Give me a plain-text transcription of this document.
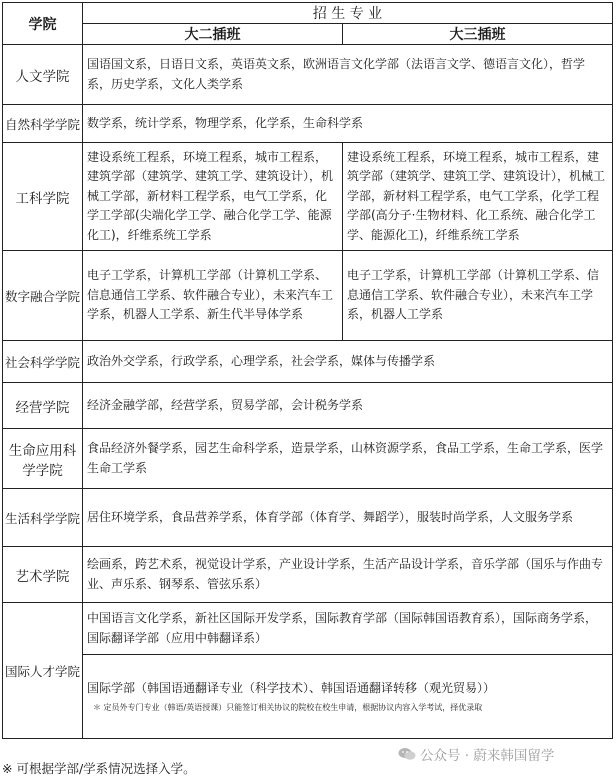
学院	招 生 专 业	
	大二插班	大三插班
人文学院	国语国文系，日语日文系，英语英文系，欧洲语言文化学部（法语言文学、德语言文化），哲学系，历史学系，文化人类学系	
自然科学学院	数学系，统计学系，物理学系，化学系，生命科学系	
工科学院	建设系统工程系，环境工程系，城市工程系，建筑学部（建筑学、建筑工学、建筑设计），机械工学部，新材料工程学系，电气工学系，化学工学部(尖端化学工学、融合化学工学、能源化工)，纤维系统工学系	建设系统工程系，环境工程系，城市工程系，建筑学部（建筑学、建筑工学、建筑设计），机械工学部，新材料工程学系，电气工学系，化学工程学部(高分子·生物材料、化工系统、融合化学工学、能源化工)，纤维系统工学系
数字融合学院	电子工学系，计算机工学部（计算机工学系、信息通信工学系、软件融合专业），未来汽车工学系，机器人工学系、新生代半导体学系	电子工学系，计算机工学部（计算机工学系、信息通信工学系、软件融合专业），未来汽车工学系，机器人工学系
社会科学学院	政治外交学系，行政学系，心理学系，社会学系，媒体与传播学系	
经营学院	经济金融学部，经营学系，贸易学部，会计税务学系	
生命应用科学学院	食品经济外餐学系，园艺生命科学系，造景学系，山林资源学系，食品工学系，生命工学系，医学生命工学系	
生活科学学院	居住环境学系，食品营养学系，体育学部（体育学、舞蹈学），服装时尚学系，人文服务学系	
艺术学院	绘画系，跨艺术系，视觉设计学系，产业设计学系，生活产品设计学系，音乐学部（国乐与作曲专业、声乐系、钢琴系、管弦乐系）	
国际人才学院	中国语言文化学系，新社区国际开发学系，国际教育学部（国际韩国语教育系），国际商务学系，国际翻译学部（应用中韩翻译系）	

	国际学部（韩国语通翻译专业（科学技术）、韩国语通翻译转移（观光贸易））
＊ 定员外专门专业（韩语/英语授课）只能签订相关协议的院校在校生申请，根据协议内容入学考试，择优录取	
※ 可根据学部/学系情况选择入学。
公众号 · 蔚来韩国留学
